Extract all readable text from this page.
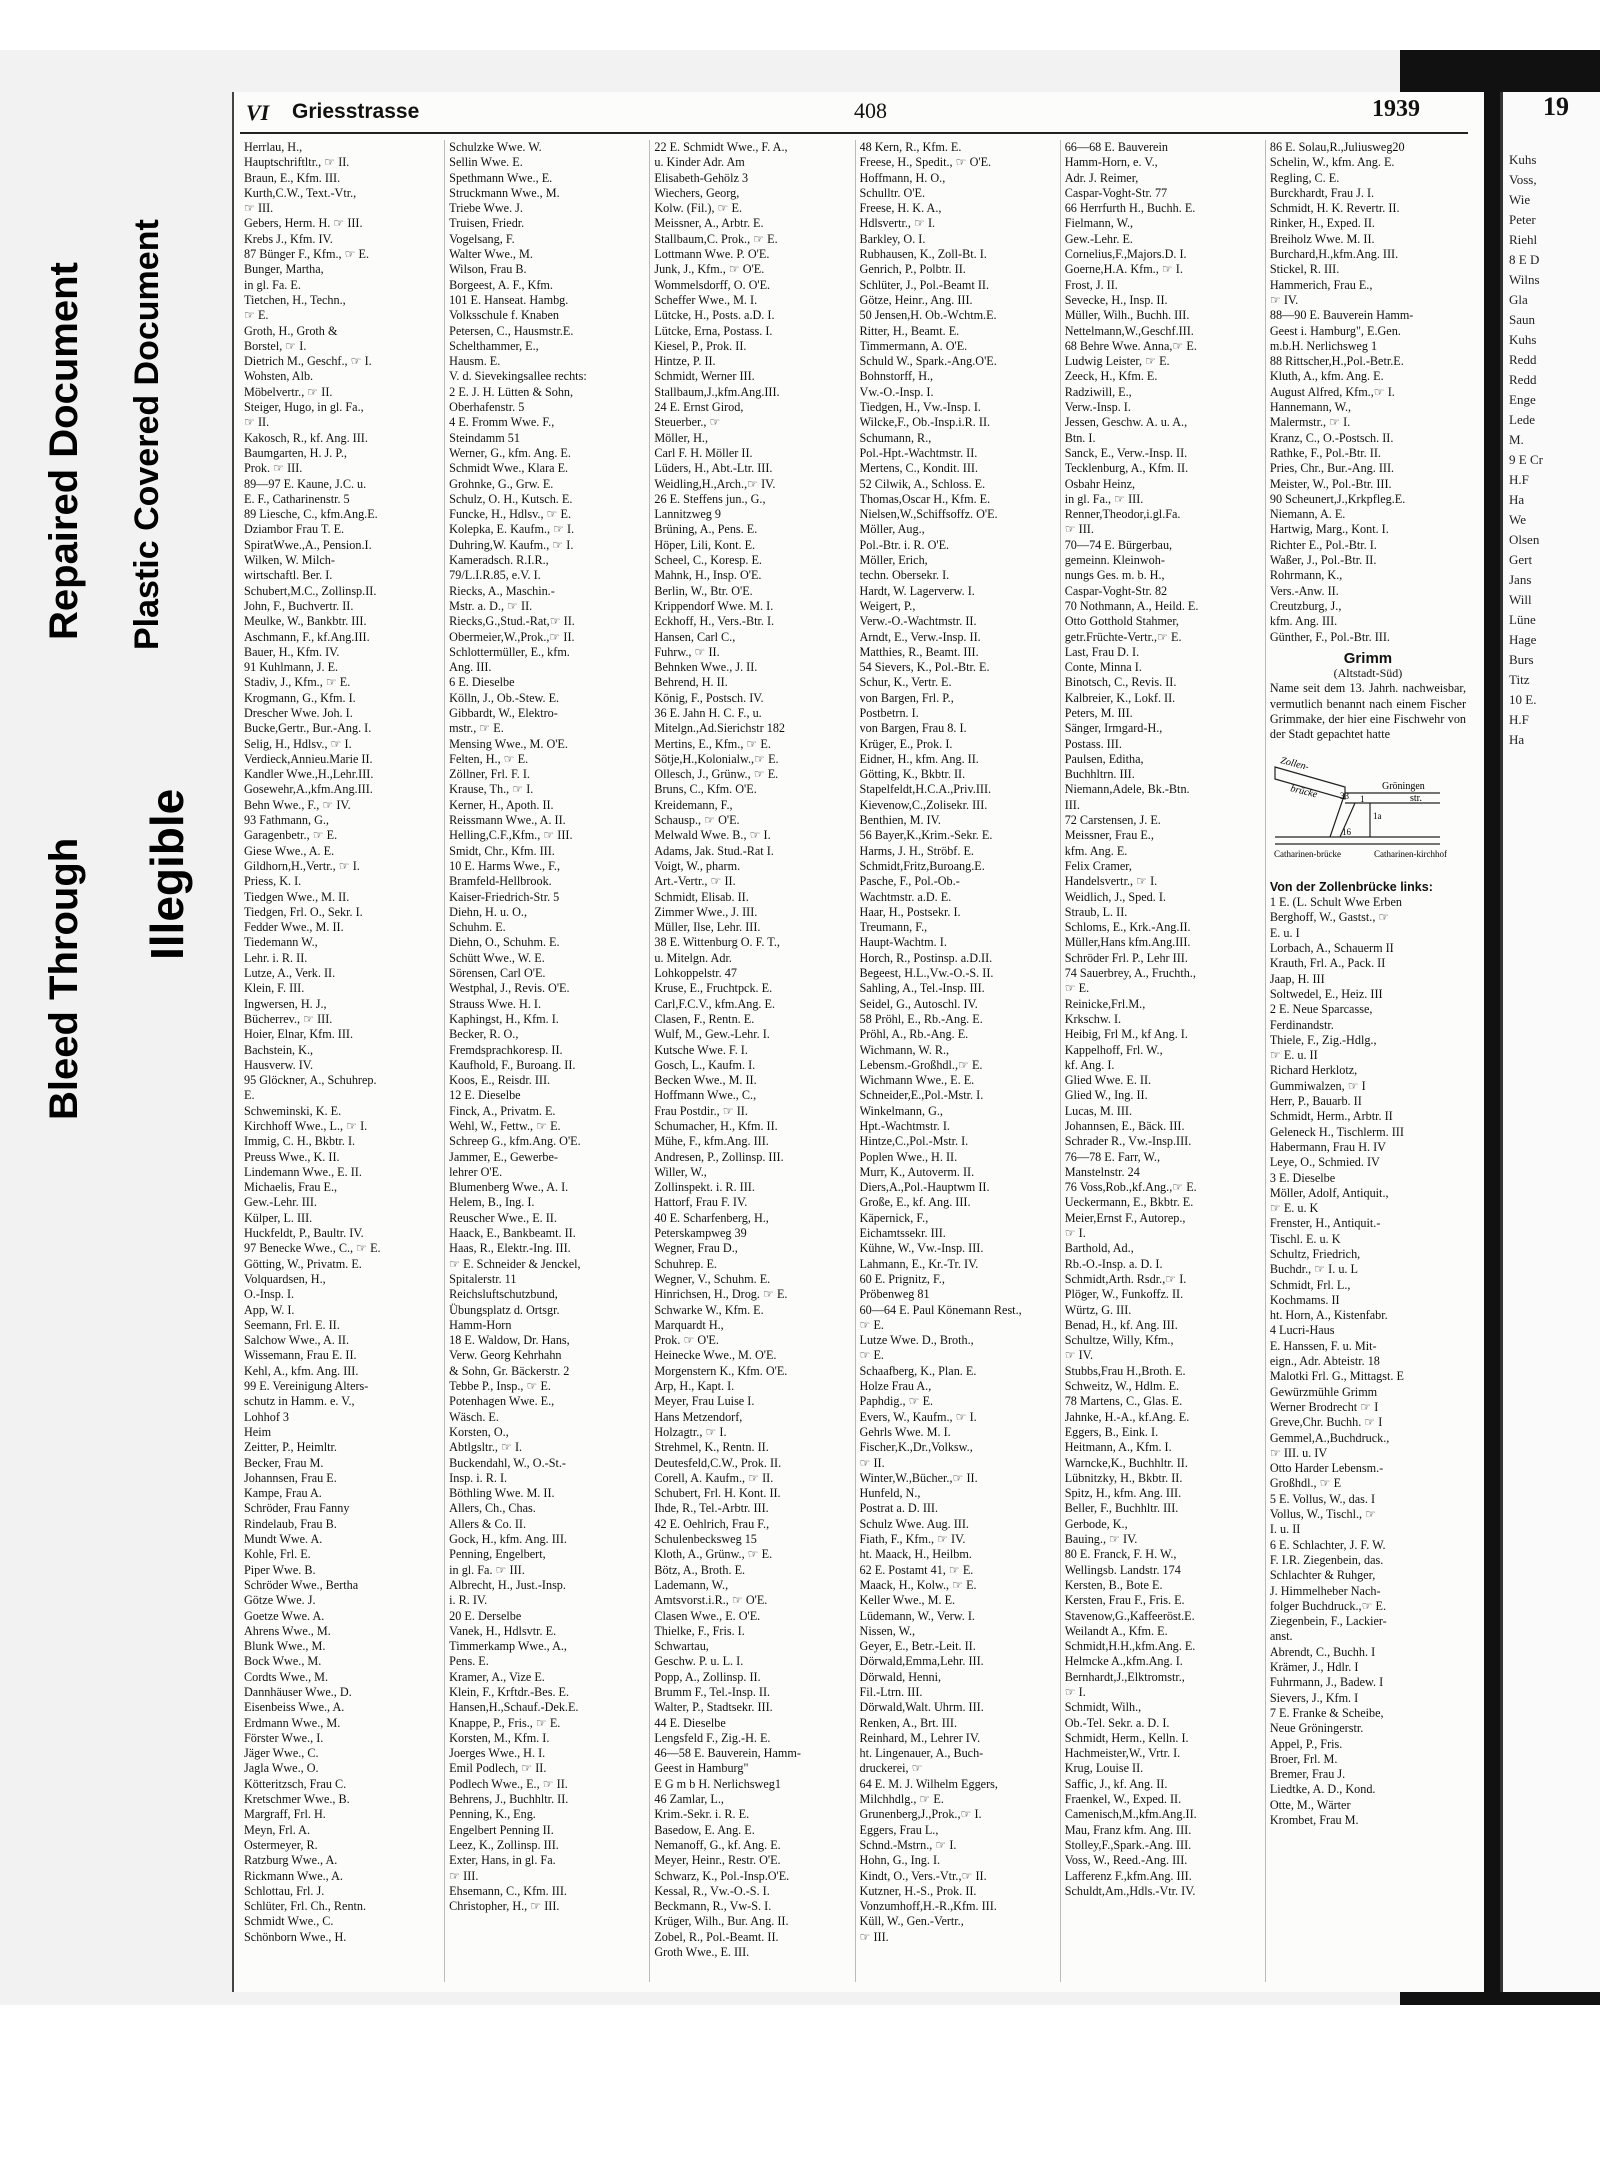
Bleed Through
Repaired Document
Illegible
Plastic Covered Document
VI Griesstrasse	408	1939
Herrlau, H.,
Hauptschriftltr., ☞ II.
Braun, E., Kfm. III.
Kurth,C.W., Text.-Vtr.,
☞ III.
Gebers, Herm. H. ☞ III.
Krebs J., Kfm. IV.
87 Bünger F., Kfm., ☞ E.
Bunger, Martha,
in gl. Fa. E.
Tietchen, H., Techn.,
☞ E.
Groth, H., Groth &
Borstel, ☞ I.
Dietrich M., Geschf., ☞ I.
Wohsten, Alb.
Möbelvertr., ☞ II.
Steiger, Hugo, in gl. Fa.,
☞ II.
Kakosch, R., kf. Ang. III.
Baumgarten, H. J. P.,
Prok. ☞ III.
89—97 E. Kaune, J.C. u.
E. F., Catharinenstr. 5
89 Liesche, C., kfm.Ang.E.
Dziambor Frau T. E.
SpiratWwe.,A., Pension.I.
Wilken, W. Milch-
wirtschaftl. Ber. I.
Schubert,M.C., Zollinsp.II.
John, F., Buchvertr. II.
Meulke, W., Bankbtr. III.
Aschmann, F., kf.Ang.III.
Bauer, H., Kfm. IV.
91 Kuhlmann, J. E.
Stadiv, J., Kfm., ☞ E.
Krogmann, G., Kfm. I.
Drescher Wwe. Joh. I.
Bucke,Gertr., Bur.-Ang. I.
Selig, H., Hdlsv., ☞ I.
Verdieck,Annieu.Marie II.
Kandler Wwe.,H.,Lehr.III.
Gosewehr,A.,kfm.Ang.III.
Behn Wwe., F., ☞ IV.
93 Fathmann, G.,
Garagenbetr., ☞ E.
Giese Wwe., A. E.
Gildhorn,H.,Vertr., ☞ I.
Priess, K. I.
Tiedgen Wwe., M. II.
Tiedgen, Frl. O., Sekr. I.
Fedder Wwe., M. II.
Tiedemann W.,
Lehr. i. R. II.
Lutze, A., Verk. II.
Klein, F. III.
Ingwersen, H. J.,
Bücherrev., ☞ III.
Hoier, Elnar, Kfm. III.
Bachstein, K.,
Hausverw. IV.
95 Glöckner, A., Schuhrep.
E.
Schweminski, K. E.
Kirchhoff Wwe., L., ☞ I.
Immig, C. H., Bkbtr. I.
Preuss Wwe., K. II.
Lindemann Wwe., E. II.
Michaelis, Frau E.,
Gew.-Lehr. III.
Külper, L. III.
Huckfeldt, P., Baultr. IV.
97 Benecke Wwe., C., ☞ E.
Götting, W., Privatm. E.
Volquardsen, H.,
O.-Insp. I.
App, W. I.
Seemann, Frl. E. II.
Salchow Wwe., A. II.
Wissemann, Frau E. II.
Kehl, A., kfm. Ang. III.
99 E. Vereinigung Alters-
schutz in Hamm. e. V.,
Lohhof 3
Heim
Zeitter, P., Heimltr.
Becker, Frau M.
Johannsen, Frau E.
Kampe, Frau A.
Schröder, Frau Fanny
Rindelaub, Frau B.
Mundt Wwe. A.
Kohle, Frl. E.
Piper Wwe. B.
Schröder Wwe., Bertha
Götze Wwe. J.
Goetze Wwe. A.
Ahrens Wwe., M.
Blunk Wwe., M.
Bock Wwe., M.
Cordts Wwe., M.
Dannhäuser Wwe., D.
Eisenbeiss Wwe., A.
Erdmann Wwe., M.
Förster Wwe., I.
Jäger Wwe., C.
Jagla Wwe., O.
Kötteritzsch, Frau C.
Kretschmer Wwe., B.
Margraff, Frl. H.
Meyn, Frl. A.
Ostermeyer, R.
Ratzburg Wwe., A.
Rickmann Wwe., A.
Schlottau, Frl. J.
Schlüter, Frl. Ch., Rentn.
Schmidt Wwe., C.
Schönborn Wwe., H.
Schulzke Wwe. W.
Sellin Wwe. E.
Spethmann Wwe., E.
Struckmann Wwe., M.
Triebe Wwe. J.
Truisen, Friedr.
Vogelsang, F.
Walter Wwe., M.
Wilson, Frau B.
Borgeest, A. F., Kfm.
101 E. Hanseat. Hambg.
Volksschule f. Knaben
Petersen, C., Hausmstr.E.
Schelthammer, E.,
Hausm. E.
V. d. Sievekingsallee rechts:
2 E. J. H. Lütten & Sohn,
Oberhafenstr. 5
4 E. Fromm Wwe. F.,
Steindamm 51
Werner, G., kfm. Ang. E.
Schmidt Wwe., Klara E.
Grohnke, G., Grw. E.
Schulz, O. H., Kutsch. E.
Funcke, H., Hdlsv., ☞ E.
Kolepka, E. Kaufm., ☞ I.
Duhring,W. Kaufm., ☞ I.
Kameradsch. R.I.R.,
79/L.I.R.85, e.V. I.
Riecks, A., Maschin.-
Mstr. a. D., ☞ II.
Riecks,G.,Stud.-Rat,☞ II.
Obermeier,W.,Prok.,☞ II.
Schlottermüller, E., kfm.
Ang. III.
6 E. Dieselbe
Kölln, J., Ob.-Stew. E.
Gibbardt, W., Elektro-
mstr., ☞ E.
Mensing Wwe., M. O'E.
Felten, H., ☞ E.
Zöllner, Frl. F. I.
Krause, Th., ☞ I.
Kerner, H., Apoth. II.
Reissmann Wwe., A. II.
Helling,C.F.,Kfm., ☞ III.
Smidt, Chr., Kfm. III.
10 E. Harms Wwe., F.,
Bramfeld-Hellbrook.
Kaiser-Friedrich-Str. 5
Diehn, H. u. O.,
Schuhm. E.
Diehn, O., Schuhm. E.
Schütt Wwe., W. E.
Sörensen, Carl O'E.
Westphal, J., Revis. O'E.
Strauss Wwe. H. I.
Kaphingst, H., Kfm. I.
Becker, R. O.,
Fremdsprachkoresp. II.
Kaufhold, F., Buroang. II.
Koos, E., Reisdr. III.
12 E. Dieselbe
Finck, A., Privatm. E.
Wehl, W., Fettw., ☞ E.
Schreep G., kfm.Ang. O'E.
Jammer, E., Gewerbe-
lehrer O'E.
Blumenberg Wwe., A. I.
Helem, B., Ing. I.
Reuscher Wwe., E. II.
Haack, E., Bankbeamt. II.
Haas, R., Elektr.-Ing. III.
☞ E. Schneider & Jenckel,
Spitalerstr. 11
Reichsluftschutzbund,
Übungsplatz d. Ortsgr.
Hamm-Horn
18 E. Waldow, Dr. Hans,
Verw. Georg Kehrhahn
& Sohn, Gr. Bäckerstr. 2
Tebbe P., Insp., ☞ E.
Potenhagen Wwe. E.,
Wäsch. E.
Korsten, O.,
Abtlgsltr., ☞ I.
Buckendahl, W., O.-St.-
Insp. i. R. I.
Böthling Wwe. M. II.
Allers, Ch., Chas.
Allers & Co. II.
Gock, H., kfm. Ang. III.
Penning, Engelbert,
in gl. Fa. ☞ III.
Albrecht, H., Just.-Insp.
i. R. IV.
20 E. Derselbe
Vanek, H., Hdlsvtr. E.
Timmerkamp Wwe., A.,
Pens. E.
Kramer, A., Vize E.
Klein, F., Krftdr.-Bes. E.
Hansen,H.,Schauf.-Dek.E.
Knappe, P., Fris., ☞ E.
Korsten, M., Kfm. I.
Joerges Wwe., H. I.
Emil Podlech, ☞ II.
Podlech Wwe., E., ☞ II.
Behrens, J., Buchhltr. II.
Penning, K., Eng.
Engelbert Penning II.
Leez, K., Zollinsp. III.
Exter, Hans, in gl. Fa.
☞ III.
Ehsemann, C., Kfm. III.
Christopher, H., ☞ III.
22 E. Schmidt Wwe., F. A.,
u. Kinder Adr. Am
Elisabeth-Gehölz 3
Wiechers, Georg,
Kolw. (Fil.), ☞ E.
Meissner, A., Arbtr. E.
Stallbaum,C. Prok., ☞ E.
Lottmann Wwe. P. O'E.
Junk, J., Kfm., ☞ O'E.
Wommelsdorff, O. O'E.
Scheffer Wwe., M. I.
Lütcke, H., Posts. a.D. I.
Lütcke, Erna, Postass. I.
Kiesel, P., Prok. II.
Hintze, P. II.
Schmidt, Werner III.
Stallbaum,J.,kfm.Ang.III.
24 E. Ernst Girod,
Steuerber., ☞
Möller, H.,
Carl F. H. Möller II.
Lüders, H., Abt.-Ltr. III.
Weidling,H.,Arch.,☞ IV.
26 E. Steffens jun., G.,
Lannitzweg 9
Brüning, A., Pens. E.
Höper, Lili, Kont. E.
Scheel, C., Koresp. E.
Mahnk, H., Insp. O'E.
Berlin, W., Btr. O'E.
Krippendorf Wwe. M. I.
Eckhoff, H., Vers.-Btr. I.
Hansen, Carl C.,
Fuhrw., ☞ II.
Behnken Wwe., J. II.
Behrend, H. II.
König, F., Postsch. IV.
36 E. Jahn H. C. F., u.
Mitelgn.,Ad.Sierichstr 182
Mertins, E., Kfm., ☞ E.
Sötje,H.,Kolonialw.,☞ E.
Ollesch, J., Grünw., ☞ E.
Bruns, C., Kfm. O'E.
Kreidemann, F.,
Schausp., ☞ O'E.
Melwald Wwe. B., ☞ I.
Adams, Jak. Stud.-Rat I.
Voigt, W., pharm.
Art.-Vertr., ☞ II.
Schmidt, Elisab. II.
Zimmer Wwe., J. III.
Müller, Ilse, Lehr. III.
38 E. Wittenburg O. F. T.,
u. Mitelgn. Adr.
Lohkoppelstr. 47
Kruse, E., Fruchtpck. E.
Carl,F.C.V., kfm.Ang. E.
Clasen, F., Rentn. E.
Wulf, M., Gew.-Lehr. I.
Kutsche Wwe. F. I.
Gosch, L., Kaufm. I.
Becken Wwe., M. II.
Hoffmann Wwe., C.,
Frau Postdir., ☞ II.
Schumacher, H., Kfm. II.
Mühe, F., kfm.Ang. III.
Andresen, P., Zollinsp. III.
Willer, W.,
Zollinspekt. i. R. III.
Hattorf, Frau F. IV.
40 E. Scharfenberg, H.,
Peterskampweg 39
Wegner, Frau D.,
Schuhrep. E.
Wegner, V., Schuhm. E.
Hinrichsen, H., Drog. ☞ E.
Schwarke W., Kfm. E.
Marquardt H.,
Prok. ☞ O'E.
Heinecke Wwe., M. O'E.
Morgenstern K., Kfm. O'E.
Arp, H., Kapt. I.
Meyer, Frau Luise I.
Hans Metzendorf,
Holzagtr., ☞ I.
Strehmel, K., Rentn. II.
Deutesfeld,C.W., Prok. II.
Corell, A. Kaufm., ☞ II.
Schubert, Frl. H. Kont. II.
Ihde, R., Tel.-Arbtr. III.
42 E. Oehlrich, Frau F.,
Schulenbecksweg 15
Kloth, A., Grünw., ☞ E.
Bötz, A., Broth. E.
Lademann, W.,
Amtsvorst.i.R., ☞ O'E.
Clasen Wwe., E. O'E.
Thielke, F., Fris. I.
Schwartau,
Geschw. P. u. L. I.
Popp, A., Zollinsp. II.
Brumm F., Tel.-Insp. II.
Walter, P., Stadtsekr. III.
44 E. Dieselbe
Lengsfeld F., Zig.-H. E.
46—58 E. Bauverein, Hamm-
Geest in Hamburg"
E G m b H. Nerlichsweg1
46 Zamlar, L.,
Krim.-Sekr. i. R. E.
Basedow, E. Ang. E.
Nemanoff, G., kf. Ang. E.
Meyer, Heinr., Restr. O'E.
Schwarz, K., Pol.-Insp.O'E.
Kessal, R., Vw.-O.-S. I.
Beckmann, R., Vw-S. I.
Krüger, Wilh., Bur. Ang. II.
Zobel, R., Pol.-Beamt. II.
Groth Wwe., E. III.
48 Kern, R., Kfm. E.
Freese, H., Spedit., ☞ O'E.
Hoffmann, H. O.,
Schulltr. O'E.
Freese, H. K. A.,
Hdlsvertr., ☞ I.
Barkley, O. I.
Rubhausen, K., Zoll-Bt. I.
Genrich, P., Polbtr. II.
Schlüter, J., Pol.-Beamt II.
Götze, Heinr., Ang. III.
50 Jensen,H. Ob.-Wchtm.E.
Ritter, H., Beamt. E.
Timmermann, A. O'E.
Schuld W., Spark.-Ang.O'E.
Bohnstorff, H.,
Vw.-O.-Insp. I.
Tiedgen, H., Vw.-Insp. I.
Wilcke,F., Ob.-Insp.i.R. II.
Schumann, R.,
Pol.-Hpt.-Wachtmstr. II.
Mertens, C., Kondit. III.
52 Cilwik, A., Schloss. E.
Thomas,Oscar H., Kfm. E.
Nielsen,W.,Schiffsoffz. O'E.
Möller, Aug.,
Pol.-Btr. i. R. O'E.
Möller, Erich,
techn. Obersekr. I.
Hardt, W. Lagerverw. I.
Weigert, P.,
Verw.-O.-Wachtmstr. II.
Arndt, E., Verw.-Insp. II.
Matthies, R., Beamt. III.
54 Sievers, K., Pol.-Btr. E.
Schur, K., Vertr. E.
von Bargen, Frl. P.,
Postbetrn. I.
von Bargen, Frau 8. I.
Krüger, E., Prok. I.
Eidner, H., kfm. Ang. II.
Götting, K., Bkbtr. II.
Stapelfeldt,H.C.A.,Priv.III.
Kievenow,C.,Zolisekr. III.
Benthien, M. IV.
56 Bayer,K.,Krim.-Sekr. E.
Harms, J. H., Ströbf. E.
Schmidt,Fritz,Buroang.E.
Pasche, F., Pol.-Ob.-
Wachtmstr. a.D. E.
Haar, H., Postsekr. I.
Treumann, F.,
Haupt-Wachtm. I.
Horch, R., Postinsp. a.D.II.
Begeest, H.L.,Vw.-O.-S. II.
Sahling, A., Tel.-Insp. III.
Seidel, G., Autoschl. IV.
58 Pröhl, E., Rb.-Ang. E.
Pröhl, A., Rb.-Ang. E.
Wichmann, W. R.,
Lebensm.-Großhdl.,☞ E.
Wichmann Wwe., E. E.
Schneider,E.,Pol.-Mstr. I.
Winkelmann, G.,
Hpt.-Wachtmstr. I.
Hintze,C.,Pol.-Mstr. I.
Poplen Wwe., H. II.
Murr, K., Autoverm. II.
Diers,A.,Pol.-Hauptwm II.
Große, E., kf. Ang. III.
Käpernick, F.,
Eichamtssekr. III.
Kühne, W., Vw.-Insp. III.
Lahmann, E., Kr.-Tr. IV.
60 E. Prignitz, F.,
Pröbenweg 81
60—64 E. Paul Könemann Rest.,
☞ E.
Lutze Wwe. D., Broth.,
☞ E.
Schaafberg, K., Plan. E.
Holze Frau A.,
Paphdig., ☞ E.
Evers, W., Kaufm., ☞ I.
Gehrls Wwe. M. I.
Fischer,K.,Dr.,Volksw.,
☞ II.
Winter,W.,Bücher.,☞ II.
Hunfeld, N.,
Postrat a. D. III.
Schulz Wwe. Aug. III.
Fiath, F., Kfm., ☞ IV.
ht. Maack, H., Heilbm.
62 E. Postamt 41, ☞ E.
Maack, H., Kolw., ☞ E.
Keller Wwe., M. E.
Lüdemann, W., Verw. I.
Nissen, W.,
Geyer, E., Betr.-Leit. II.
Dörwald,Emma,Lehr. III.
Dörwald, Henni,
Fil.-Ltrn. III.
Dörwald,Walt. Uhrm. III.
Renken, A., Brt. III.
Reinhard, M., Lehrer IV.
ht. Lingenauer, A., Buch-
druckerei, ☞
64 E. M. J. Wilhelm Eggers,
Milchhdlg., ☞ E.
Grunenberg,J.,Prok.,☞ I.
Eggers, Frau L.,
Schnd.-Mstrn., ☞ I.
Hohn, G., Ing. I.
Kindt, O., Vers.-Vtr.,☞ II.
Kutzner, H.-S., Prok. II.
Vonzumhoff,H.-R.,Kfm. III.
Küll, W., Gen.-Vertr.,
☞ III.
66—68 E. Bauverein
Hamm-Horn, e. V.,
Adr. J. Reimer,
Caspar-Voght-Str. 77
66 Herrfurth H., Buchh. E.
Fielmann, W.,
Gew.-Lehr. E.
Cornelius,F.,Majors.D. I.
Goerne,H.A. Kfm., ☞ I.
Frost, J. II.
Sevecke, H., Insp. II.
Müller, Wilh., Buchh. III.
Nettelmann,W.,Geschf.III.
68 Behre Wwe. Anna,☞ E.
Ludwig Leister, ☞ E.
Zeeck, H., Kfm. E.
Radziwill, E.,
Verw.-Insp. I.
Jessen, Geschw. A. u. A.,
Btn. I.
Sanck, E., Verw.-Insp. II.
Tecklenburg, A., Kfm. II.
Osbahr Heinz,
in gl. Fa., ☞ III.
Renner,Theodor,i.gl.Fa.
☞ III.
70—74 E. Bürgerbau,
gemeinn. Kleinwoh-
nungs Ges. m. b. H.,
Caspar-Voght-Str. 82
70 Nothmann, A., Heild. E.
Otto Gotthold Stahmer,
getr.Früchte-Vertr.,☞ E.
Last, Frau D. I.
Conte, Minna I.
Binotsch, C., Revis. II.
Kalbreier, K., Lokf. II.
Peters, M. III.
Sänger, Irmgard-H.,
Postass. III.
Paulsen, Editha,
Buchhltrn. III.
Niemann,Adele, Bk.-Btn.
III.
72 Carstensen, J. E.
Meissner, Frau E.,
kfm. Ang. E.
Felix Cramer,
Handelsvertr., ☞ I.
Weidlich, J., Sped. I.
Straub, L. II.
Schloms, E., Krk.-Ang.II.
Müller,Hans kfm.Ang.III.
Schröder Frl. P., Lehr III.
74 Sauerbrey, A., Fruchth.,
☞ E.
Reinicke,Frl.M.,
Krkschw. I.
Heibig, Frl M., kf Ang. I.
Kappelhoff, Frl. W.,
kf. Ang. I.
Glied Wwe. E. II.
Glied W., Ing. II.
Lucas, M. III.
Johannsen, E., Bäck. III.
Schrader R., Vw.-Insp.III.
76—78 E. Farr, W.,
Manstelnstr. 24
76 Voss,Rob.,kf.Ang.,☞ E.
Ueckermann, E., Bkbtr. E.
Meier,Ernst F., Autorep.,
☞ I.
Barthold, Ad.,
Rb.-O.-Insp. a. D. I.
Schmidt,Arth. Rsdr.,☞ I.
Plöger, W., Funkoffz. II.
Würtz, G. III.
Benad, H., kf. Ang. III.
Schultze, Willy, Kfm.,
☞ IV.
Stubbs,Frau H.,Broth. E.
Schweitz, W., Hdlm. E.
78 Martens, C., Glas. E.
Jahnke, H.-A., kf.Ang. E.
Eggers, B., Eink. I.
Heitmann, A., Kfm. I.
Warncke,K., Buchhltr. II.
Lübnitzky, H., Bkbtr. II.
Spitz, H., kfm. Ang. III.
Beller, F., Buchhltr. III.
Gerbode, K.,
Bauing., ☞ IV.
80 E. Franck, F. H. W.,
Wellingsb. Landstr. 174
Kersten, B., Bote E.
Kersten, Frau F., Fris. E.
Stavenow,G.,Kaffeeröst.E.
Weilandt A., Kfm. E.
Schmidt,H.H.,kfm.Ang. E.
Helmcke A.,kfm.Ang. I.
Bernhardt,J.,Elktromstr.,
☞ I.
Schmidt, Wilh.,
Ob.-Tel. Sekr. a. D. I.
Schmidt, Herm., Kelln. I.
Hachmeister,W., Vrtr. I.
Krug, Louise II.
Saffic, J., kf. Ang. II.
Fraenkel, W., Exped. II.
Camenisch,M.,kfm.Ang.II.
Mau, Franz kfm. Ang. III.
Stolley,F.,Spark.-Ang. III.
Voss, W., Reed.-Ang. III.
Lafferenz F.,kfm.Ang. III.
Schuldt,Am.,Hdls.-Vtr. IV.
86 E. Solau,R.,Juliusweg20
Schelin, W., kfm. Ang. E.
Regling, C. E.
Burckhardt, Frau J. I.
Schmidt, H. K. Revertr. II.
Rinker, H., Exped. II.
Breiholz Wwe. M. II.
Burchard,H.,kfm.Ang. III.
Stickel, R. III.
Hammerich, Frau E.,
☞ IV.
88—90 E. Bauverein Hamm-
Geest i. Hamburg", E.Gen.
m.b.H. Nerlichsweg 1
88 Rittscher,H.,Pol.-Betr.E.
Kluth, A., kfm. Ang. E.
August Alfred, Kfm.,☞ I.
Hannemann, W.,
Malermstr., ☞ I.
Kranz, C., O.-Postsch. II.
Rathke, F., Pol.-Btr. II.
Pries, Chr., Bur.-Ang. III.
Meister, W., Pol.-Btr. III.
90 Scheunert,J.,Krkpfleg.E.
Niemann, A. E.
Hartwig, Marg., Kont. I.
Richter E., Pol.-Btr. I.
Waßer, J., Pol.-Btr. II.
Rohrmann, K.,
Vers.-Anw. II.
Creutzburg, J.,
kfm. Ang. III.
Günther, F., Pol.-Btr. III.
Grimm
(Altstadt-Süd)
Name seit dem 13. Jahrh. nachweisbar, vermutlich benannt nach einem Fischer Grimmake, der hier eine Fischwehr von der Stadt gepachtet hatte
Zollen-
brücke	Gröningen
str.
33 1
16
1a
Catharinen-brücke	Catharinen-kirchhof
Von der Zollenbrücke links:
1 E. (L. Schult Wwe Erben
Berghoff, W., Gastst., ☞
E. u. I
Lorbach, A., Schauerm II
Krauth, Frl. A., Pack. II
Jaap, H. III
Soltwedel, E., Heiz. III
2 E. Neue Sparcasse,
Ferdinandstr.
Thiele, F., Zig.-Hdlg.,
☞ E. u. II
Richard Herklotz,
Gummiwalzen, ☞ I
Herr, P., Bauarb. II
Schmidt, Herm., Arbtr. II
Geleneck H., Tischlerm. III
Habermann, Frau H. IV
Leye, O., Schmied. IV
3 E. Dieselbe
Möller, Adolf, Antiquit.,
☞ E. u. K
Frenster, H., Antiquit.-
Tischl. E. u. K
Schultz, Friedrich,
Buchdr., ☞ I. u. L
Schmidt, Frl. L.,
Kochmams. II
ht. Horn, A., Kistenfabr.
4 Lucri-Haus
E. Hanssen, F. u. Mit-
eign., Adr. Abteistr. 18
Malotki Frl. G., Mittagst. E
Gewürzmühle Grimm
Werner Brodrecht ☞ I
Greve,Chr. Buchh. ☞ I
Gemmel,A.,Buchdruck.,
☞ III. u. IV
Otto Harder Lebensm.-
Großhdl., ☞ E
5 E. Vollus, W., das. I
Vollus, W., Tischl., ☞
I. u. II
6 E. Schlachter, J. F. W.
F. I.R. Ziegenbein, das.
Schlachter & Ruhger,
J. Himmelheber Nach-
folger Buchdruck.,☞ E.
Ziegenbein, F., Lackier-
anst.
Abrendt, C., Buchh. I
Krämer, J., Hdlr. I
Fuhrmann, J., Badew. I
Sievers, J., Kfm. I
7 E. Franke & Scheibe,
Neue Gröningerstr.
Appel, P., Fris.
Broer, Frl. M.
Bremer, Frau J.
Liedtke, A. D., Kond.
Otte, M., Wärter
Krombet, Frau M.
19
Kuhs
Voss,
Wie
Peter
Riehl
8 E D
Wilns
Gla
Saun
Kuhs
Redd
Redd
Enge
Lede
M.
9 E Cr
H.F
Ha
We
Olsen
Gert
Jans
Will
Lüne
Hage
Burs
Titz
10 E.
H.F
Ha
